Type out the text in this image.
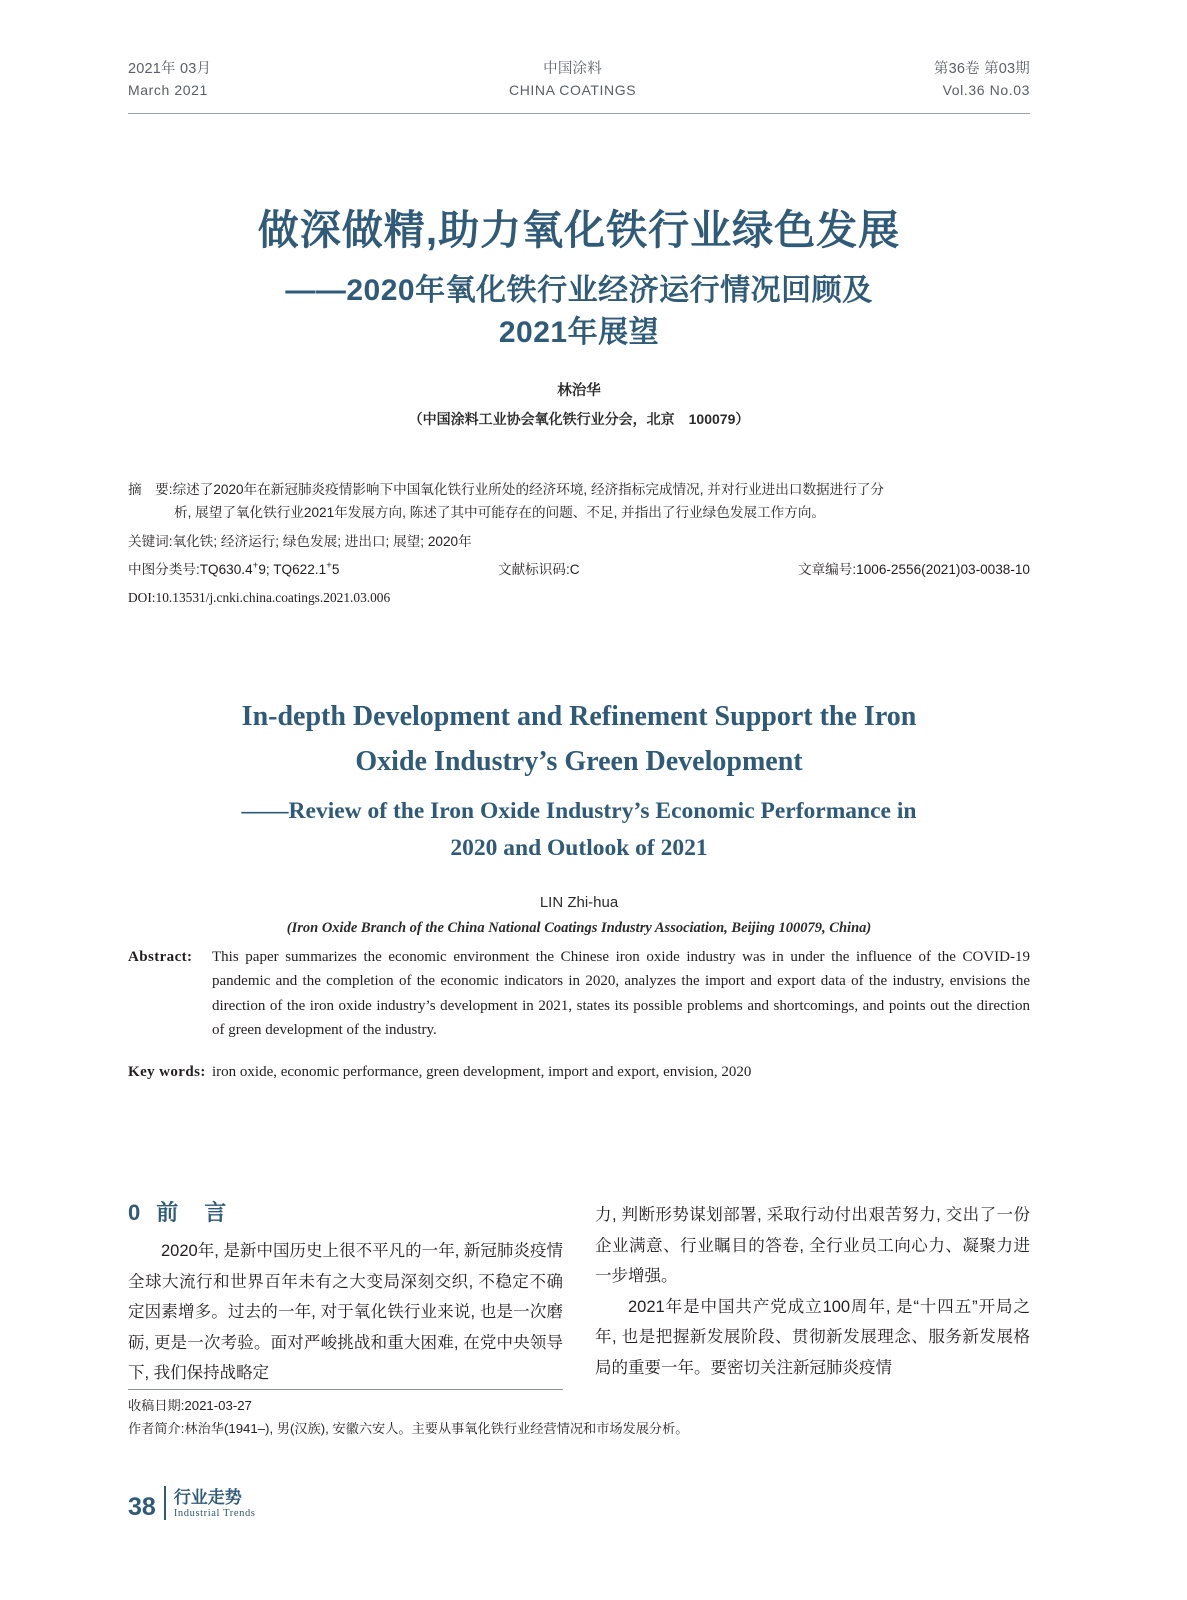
2021年 03月
March 2021
中国涂料
CHINA COATINGS
第36卷 第03期
Vol.36 No.03
做深做精,助力氧化铁行业绿色发展
——2020年氧化铁行业经济运行情况回顾及
2021年展望
林治华
（中国涂料工业协会氧化铁行业分会，北京　100079）
摘　要: 综述了2020年在新冠肺炎疫情影响下中国氧化铁行业所处的经济环境, 经济指标完成情况, 并对行业进出口数据进行了分
析, 展望了氧化铁行业2021年发展方向, 陈述了其中可能存在的问题、不足, 并指出了行业绿色发展工作方向。
关键词: 氧化铁; 经济运行; 绿色发展; 进出口; 展望; 2020年
中图分类号:TQ630.4+9; TQ622.1+5	文献标识码:C	文章编号:1006-2556(2021)03-0038-10
DOI:10.13531/j.cnki.china.coatings.2021.03.006
In-depth Development and Refinement Support the Iron
Oxide Industry’s Green Development
——Review of the Iron Oxide Industry’s Economic Performance in
2020 and Outlook of 2021
LIN Zhi-hua
(Iron Oxide Branch of the China National Coatings Industry Association, Beijing 100079, China)
Abstract:	This paper summarizes the economic environment the Chinese iron oxide industry was in under the influence of the COVID-19 pandemic and the completion of the economic indicators in 2020, analyzes the import and export data of the industry, envisions the direction of the iron oxide industry’s development in 2021, states its possible problems and shortcomings, and points out the direction of green development of the industry.
Key words: iron oxide, economic performance, green development, import and export, envision, 2020
0 前　言

2020年, 是新中国历史上很不平凡的一年, 新冠肺炎疫情全球大流行和世界百年未有之大变局深刻交织, 不稳定不确定因素增多。过去的一年, 对于氧化铁行业来说, 也是一次磨砺, 更是一次考验。面对严峻挑战和重大困难, 在党中央领导下, 我们保持战略定

力, 判断形势谋划部署, 采取行动付出艰苦努力, 交出了一份企业满意、行业瞩目的答卷, 全行业员工向心力、凝聚力进一步增强。

2021年是中国共产党成立100周年, 是“十四五”开局之年, 也是把握新发展阶段、贯彻新发展理念、服务新发展格局的重要一年。要密切关注新冠肺炎疫情

收稿日期:2021-03-27
作者简介:林治华(1941–), 男(汉族), 安徽六安人。主要从事氧化铁行业经营情况和市场发展分析。
38	行业走势
Industrial Trends
